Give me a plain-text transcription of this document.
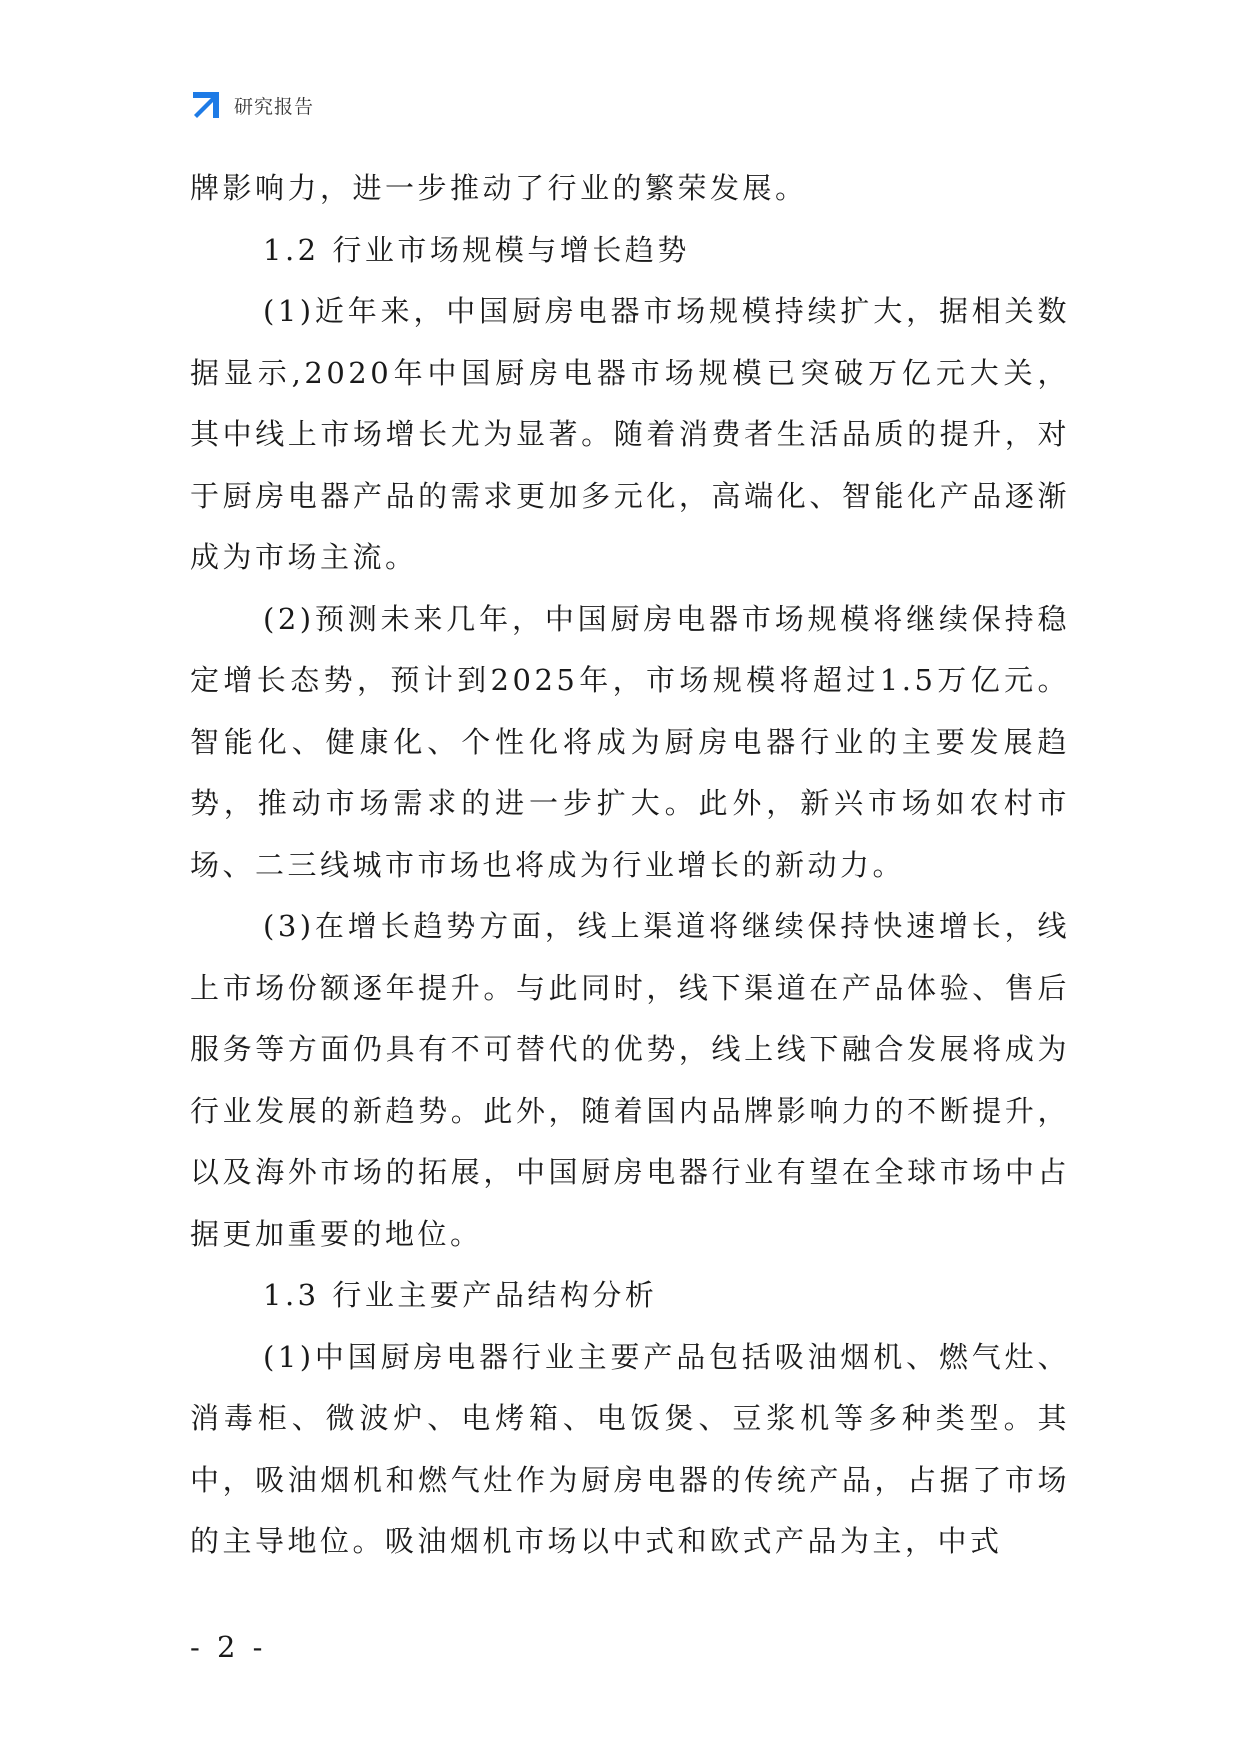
研究报告

牌影响力，进一步推动了行业的繁荣发展。

1.2 行业市场规模与增长趋势

(1)近年来，中国厨房电器市场规模持续扩大，据相关数据显示,2020年中国厨房电器市场规模已突破万亿元大关，其中线上市场增长尤为显著。随着消费者生活品质的提升，对于厨房电器产品的需求更加多元化，高端化、智能化产品逐渐成为市场主流。

(2)预测未来几年，中国厨房电器市场规模将继续保持稳定增长态势，预计到2025年，市场规模将超过1.5万亿元。智能化、健康化、个性化将成为厨房电器行业的主要发展趋势，推动市场需求的进一步扩大。此外，新兴市场如农村市场、二三线城市市场也将成为行业增长的新动力。

(3)在增长趋势方面，线上渠道将继续保持快速增长，线上市场份额逐年提升。与此同时，线下渠道在产品体验、售后服务等方面仍具有不可替代的优势，线上线下融合发展将成为行业发展的新趋势。此外，随着国内品牌影响力的不断提升，以及海外市场的拓展，中国厨房电器行业有望在全球市场中占据更加重要的地位。

1.3 行业主要产品结构分析

(1)中国厨房电器行业主要产品包括吸油烟机、燃气灶、消毒柜、微波炉、电烤箱、电饭煲、豆浆机等多种类型。其中，吸油烟机和燃气灶作为厨房电器的传统产品，占据了市场的主导地位。吸油烟机市场以中式和欧式产品为主，中式

- 2 -
